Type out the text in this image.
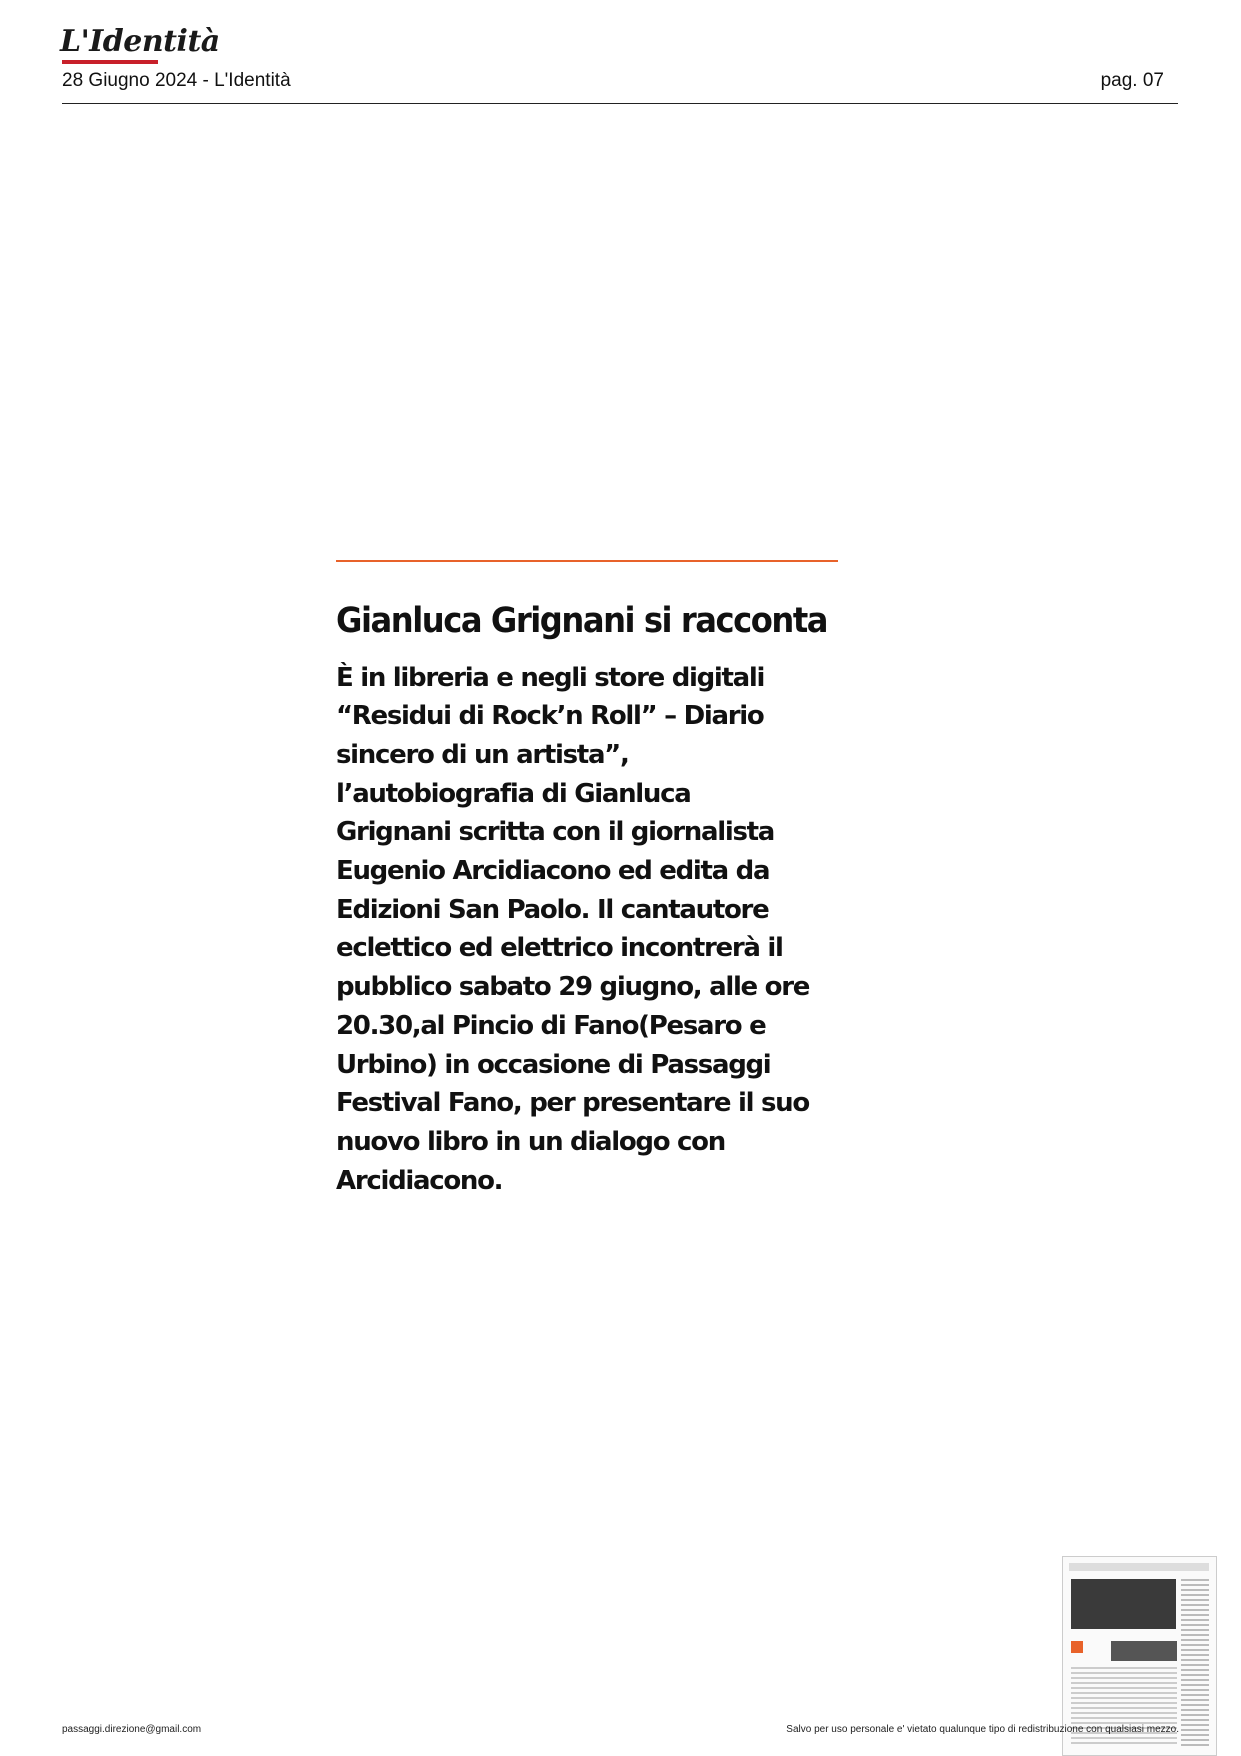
L'Identità
28 Giugno 2024 - L'Identità	pag. 07
Gianluca Grignani si racconta
È in libreria e negli store digitali
“Residui di Rock’n Roll” – Diario
sincero di un artista”,
l’autobiografia di Gianluca
Grignani scritta con il giornalista
Eugenio Arcidiacono ed edita da
Edizioni San Paolo. Il cantautore
eclettico ed elettrico incontrerà il
pubblico sabato 29 giugno, alle ore
20.30,al Pincio di Fano(Pesaro e
Urbino) in occasione di Passaggi
Festival Fano, per presentare il suo
nuovo libro in un dialogo con
Arcidiacono.
passaggi.direzione@gmail.com	Salvo per uso personale e' vietato qualunque tipo di redistribuzione con qualsiasi mezzo.
